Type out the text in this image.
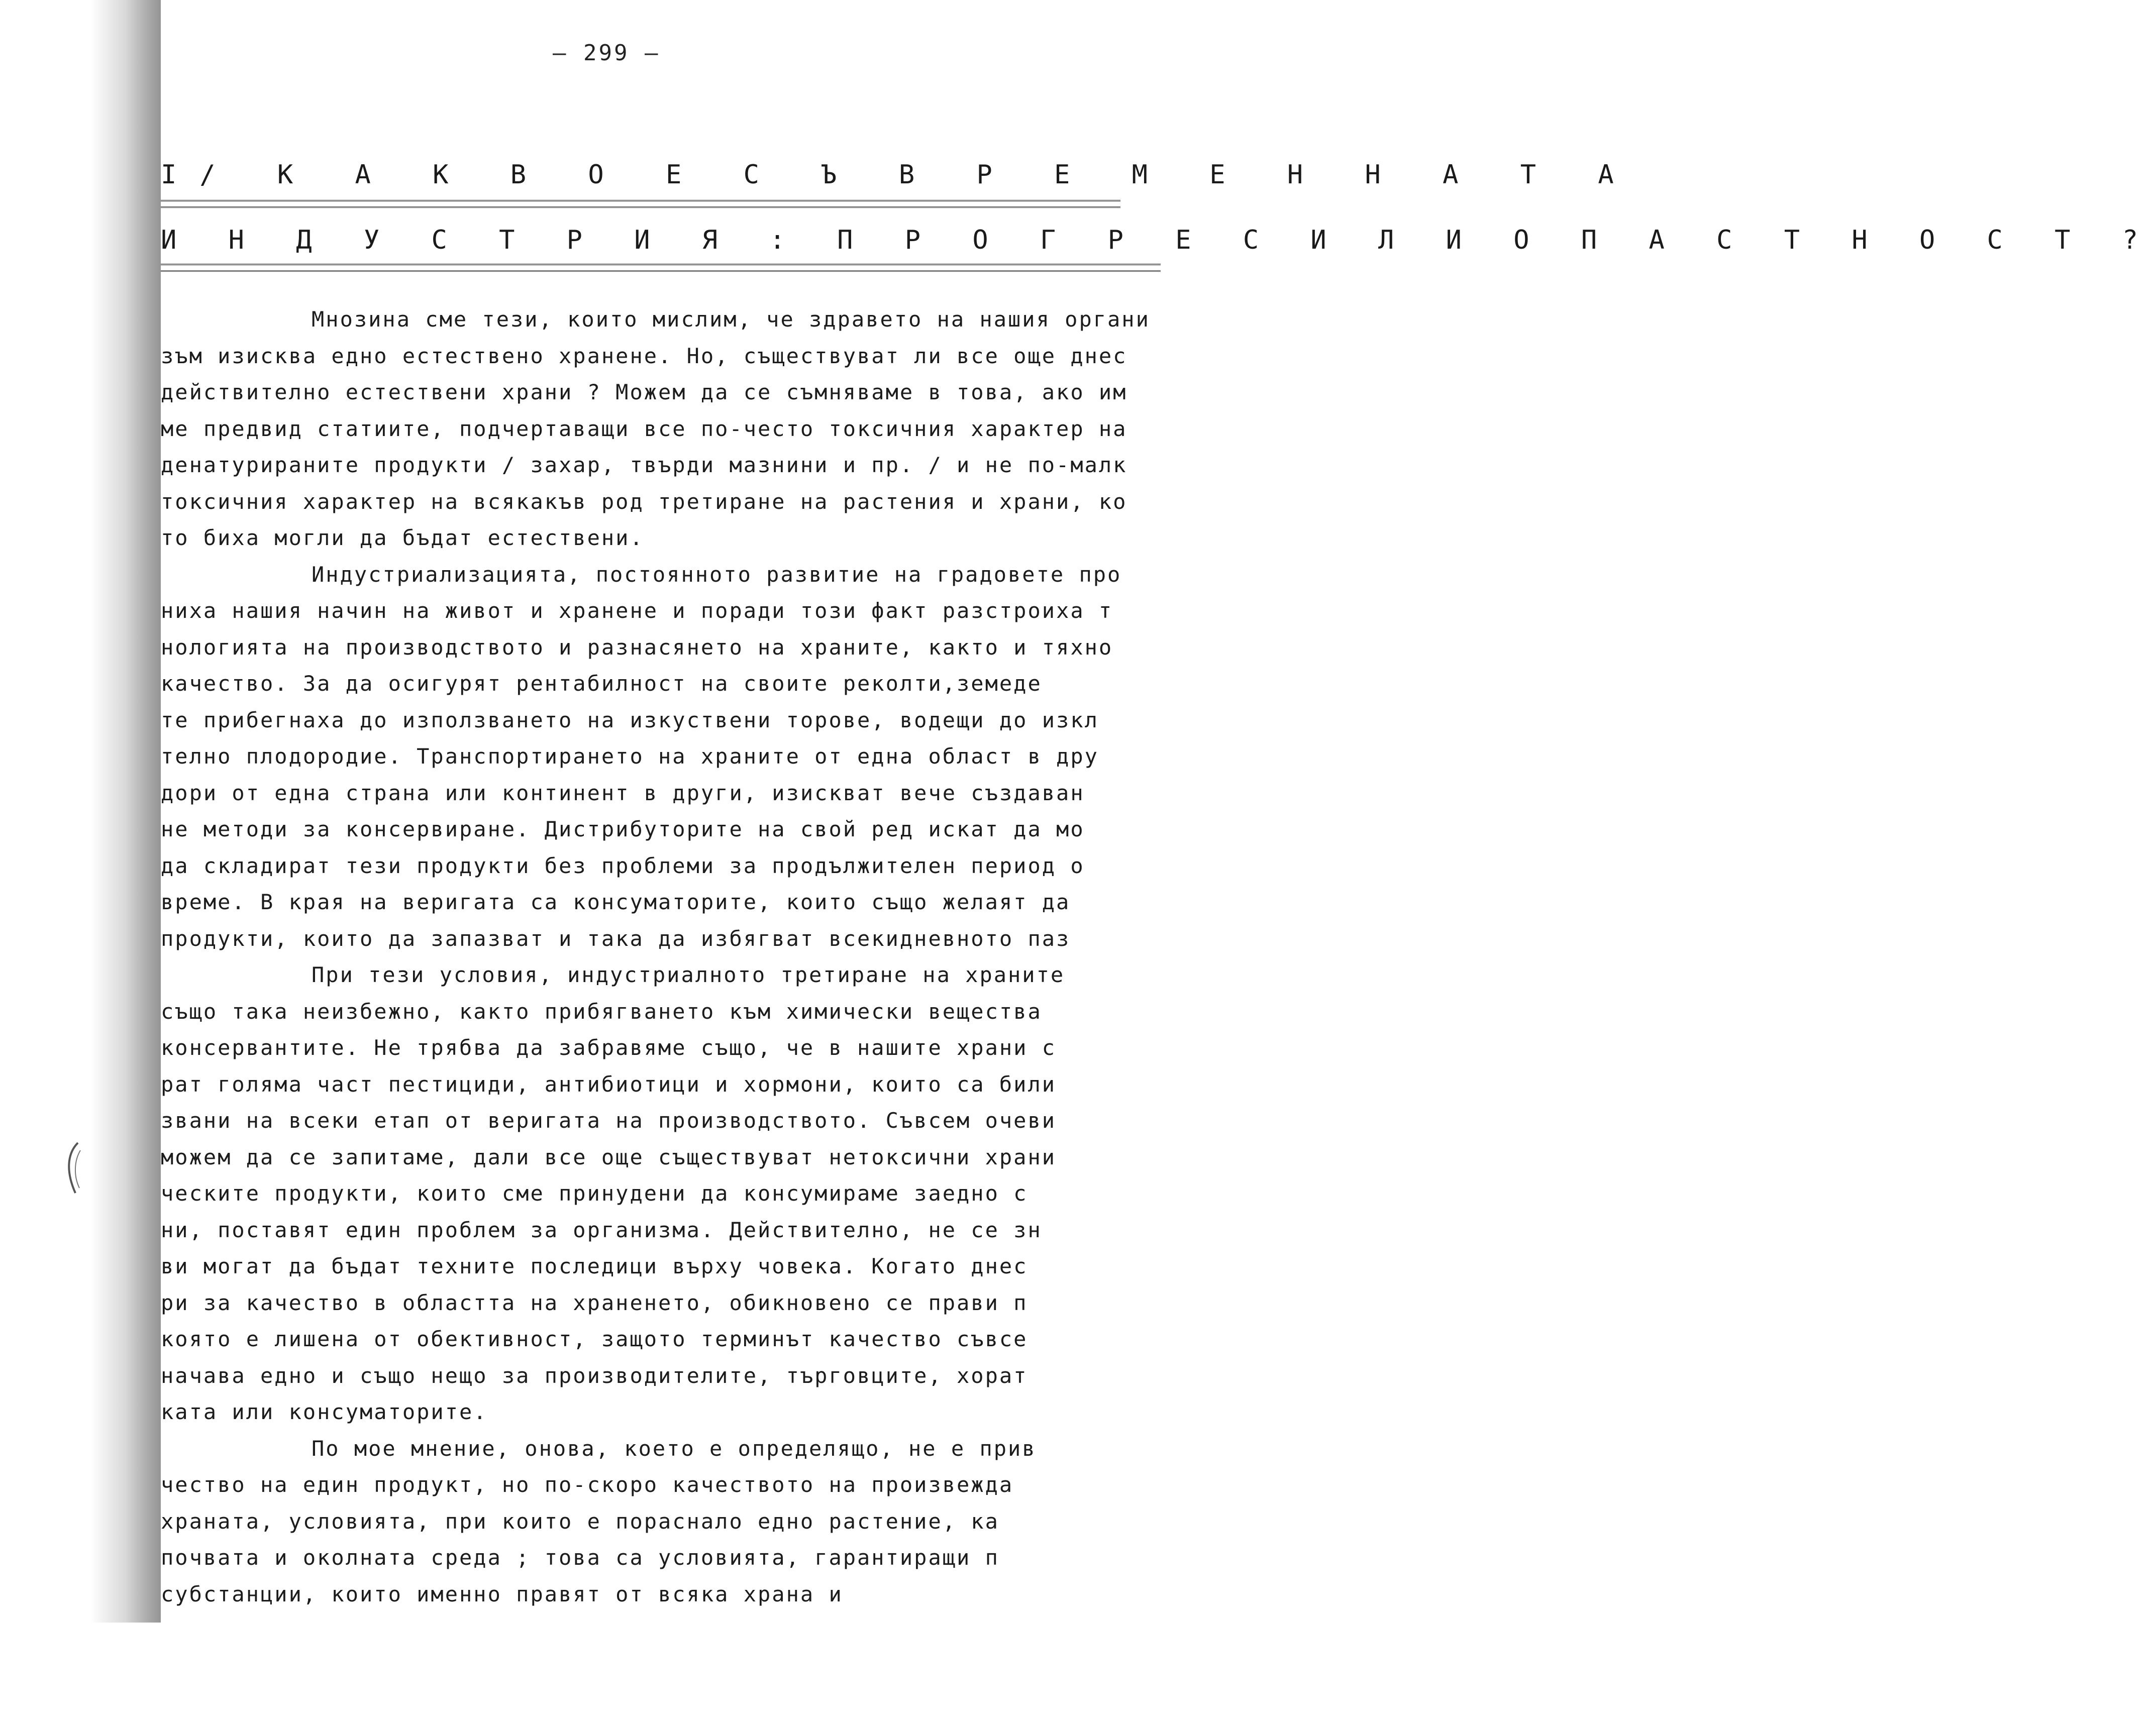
– 299 –
I/ К А К В О Е С Ъ В Р Е М Е Н Н А Т А
И Н Д У С Т Р И Я : П Р О Г Р Е С И Л И О П А С Т Н О С Т ?
Мнозина сме тези, които мислим, че здравето на нашия органи
зъм изисква едно естествено хранене. Но, съществуват ли все още днес
действително естествени храни ? Можем да се съмняваме в това, ако им
ме предвид статиите, подчертаващи все по-често токсичния характер на
денатурираните продукти / захар, твърди мазнини и пр. / и не по-малк
токсичния характер на всякакъв род третиране на растения и храни, ко
то биха могли да бъдат естествени.
Индустриализацията, постоянното развитие на градовете про
ниха нашия начин на живот и хранене и поради този факт разстроиха т
нологията на производството и разнасянето на храните, както и тяхно
качество. За да осигурят рентабилност на своите реколти,земеде
те прибегнаха до използването на изкуствени торове, водещи до изкл
телно плодородие. Транспортирането на храните от една област в дру
дори от една страна или континент в други, изискват вече създаван
не методи за консервиране. Дистрибуторите на свой ред искат да мо
да складират тези продукти без проблеми за продължителен период о
време. В края на веригата са консуматорите, които също желаят да
продукти, които да запазват и така да избягват всекидневното паз
При тези условия, индустриалното третиране на храните
също така неизбежно, както прибягването към химически вещества
консервантите. Не трябва да забравяме също, че в нашите храни с
рат голяма част пестициди, антибиотици и хормони, които са били
звани на всеки етап от веригата на производството. Съвсем очеви
можем да се запитаме, дали все още съществуват нетоксични храни
ческите продукти, които сме принудени да консумираме заедно с
ни, поставят един проблем за организма. Действително, не се зн
ви могат да бъдат техните последици върху човека. Когато днес
ри за качество в областта на храненето, обикновено се прави п
която е лишена от обективност, защото терминът качество съвсе
начава едно и също нещо за производителите, търговците, хорат
ката или консуматорите.
По мое мнение, онова, което е определящо, не е прив
чество на един продукт, но по-скоро качеството на произвежда
храната, условията, при които е порасналo едно растение, ка
почвата и околната среда ; това са условията, гарантиращи п
субстанции, които именно правят от всяка храна и
